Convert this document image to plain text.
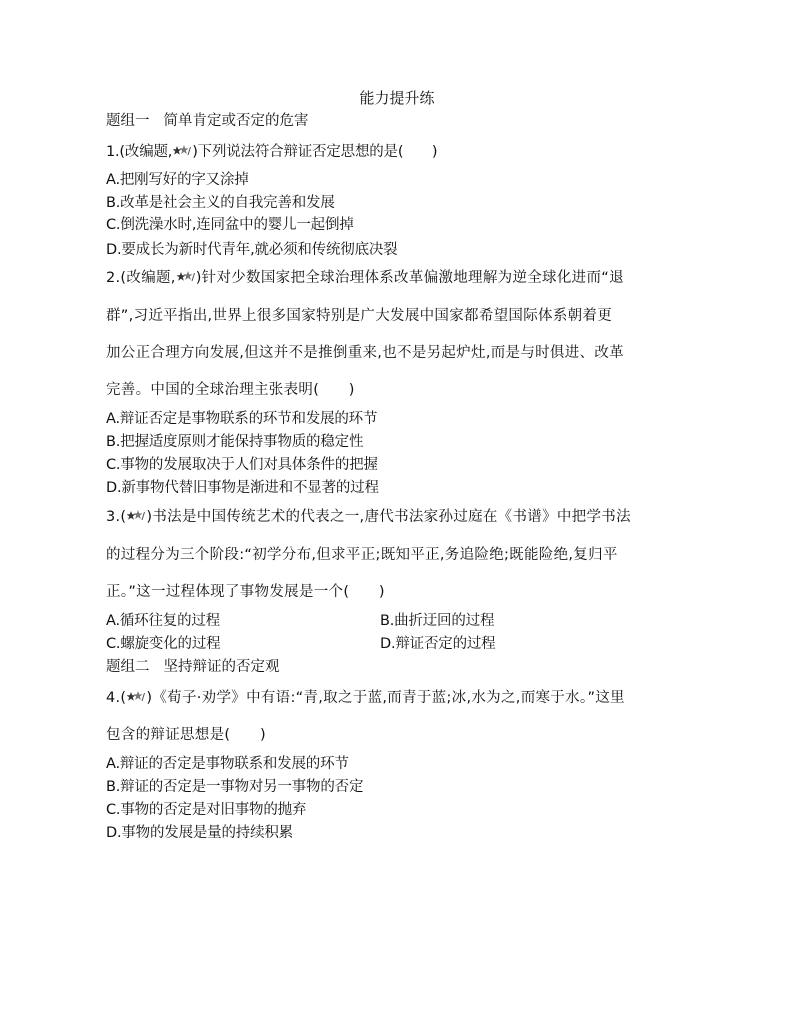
能力提升练
题组一 简单肯定或否定的危害
1.(改编题, )下列说法符合辩证否定思想的是(　　)
A.把刚写好的字又涂掉
B.改革是社会主义的自我完善和发展
C.倒洗澡水时,连同盆中的婴儿一起倒掉
D.要成长为新时代青年,就必须和传统彻底决裂
2.(改编题, )针对少数国家把全球治理体系改革偏激地理解为逆全球化进而“退
群”,习近平指出,世界上很多国家特别是广大发展中国家都希望国际体系朝着更
加公正合理方向发展,但这并不是推倒重来,也不是另起炉灶,而是与时俱进、改革
完善。中国的全球治理主张表明(　　)
A.辩证否定是事物联系的环节和发展的环节
B.把握适度原则才能保持事物质的稳定性
C.事物的发展取决于人们对具体条件的把握
D.新事物代替旧事物是渐进和不显著的过程
3.( )书法是中国传统艺术的代表之一,唐代书法家孙过庭在《书谱》中把学书法
的过程分为三个阶段:“初学分布,但求平正;既知平正,务追险绝;既能险绝,复归平
正。”这一过程体现了事物发展是一个(　　)
A.循环往复的过程	B.曲折迂回的过程
C.螺旋变化的过程	D.辩证否定的过程
题组二 坚持辩证的否定观
4.( )《荀子·劝学》中有语:“青,取之于蓝,而青于蓝;冰,水为之,而寒于水。”这里
包含的辩证思想是(　　)
A.辩证的否定是事物联系和发展的环节
B.辩证的否定是一事物对另一事物的否定
C.事物的否定是对旧事物的抛弃
D.事物的发展是量的持续积累
